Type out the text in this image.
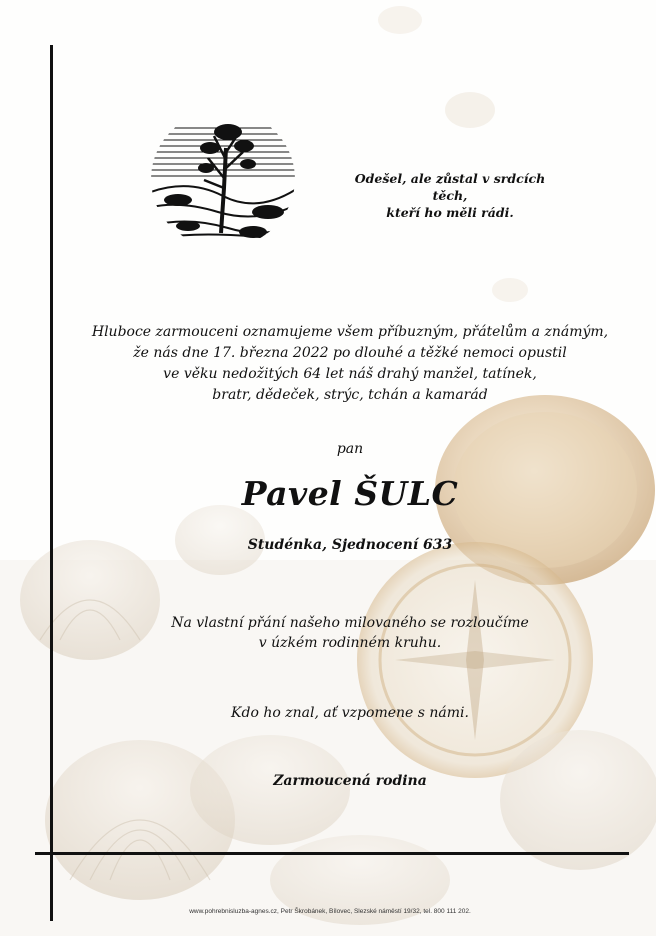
Odešel, ale zůstal v srdcích těch,
kteří ho měli rádi.
Hluboce zarmouceni oznamujeme všem příbuzným, přátelům a známým,
že nás dne 17. března 2022 po dlouhé a těžké nemoci opustil
ve věku nedožitých 64 let náš drahý manžel, tatínek,
bratr, dědeček, strýc, tchán a kamarád
pan
Pavel ŠULC
Studénka, Sjednocení 633
Na vlastní přání našeho milovaného se rozloučíme
v úzkém rodinném kruhu.
Kdo ho znal, ať vzpomene s námi.
Zarmoucená rodina
www.pohrebnisluzba-agnes.cz, Petr Škrobánek, Bílovec, Slezské náměstí 19/32, tel. 800 111 202.
